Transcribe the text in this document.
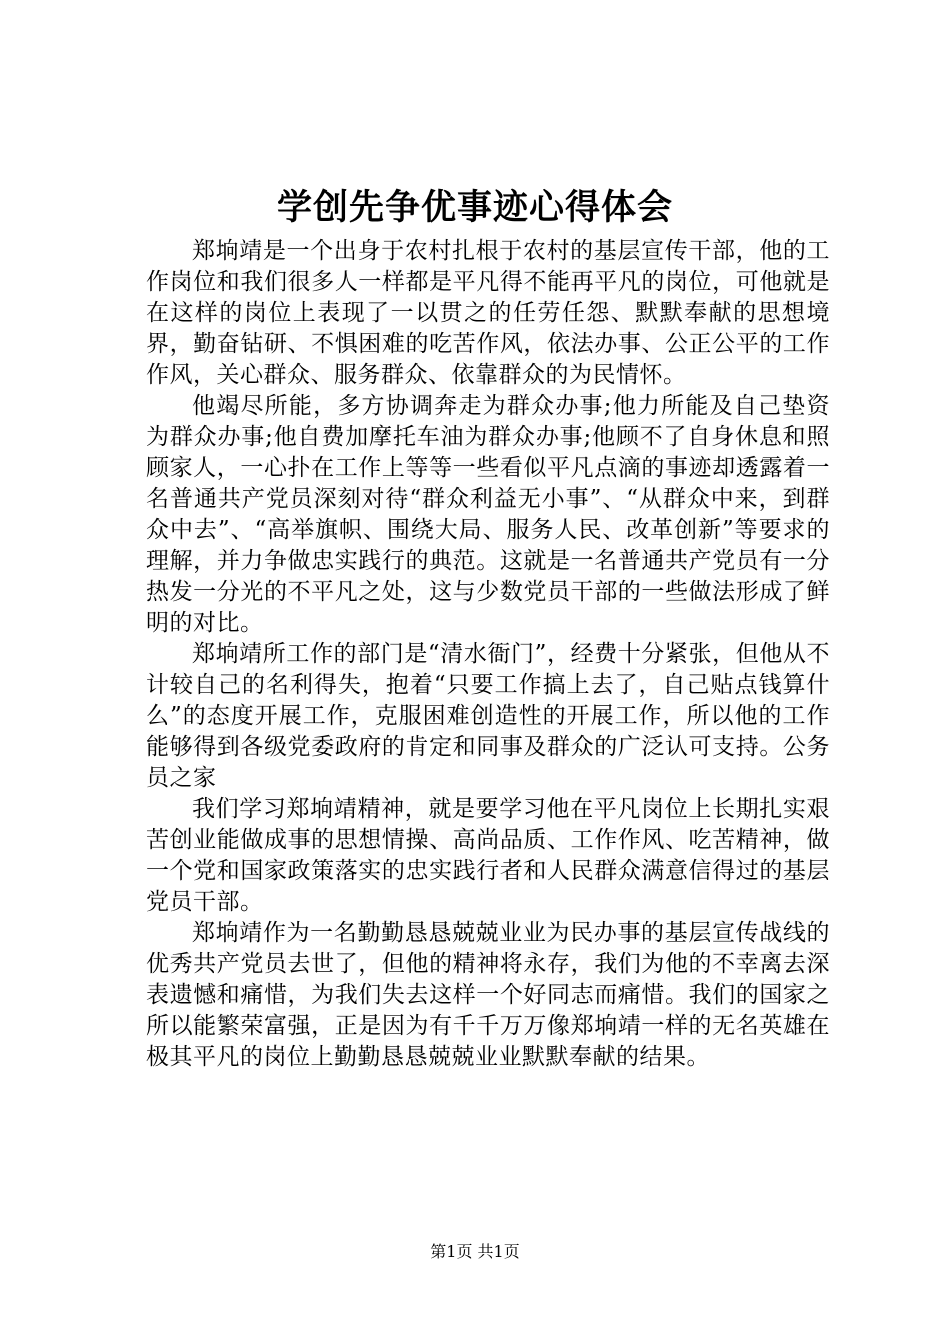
学创先争优事迹心得体会

郑垧靖是一个出身于农村扎根于农村的基层宣传干部，他的工作岗位和我们很多人一样都是平凡得不能再平凡的岗位，可他就是在这样的岗位上表现了一以贯之的任劳任怨、默默奉献的思想境界，勤奋钻研、不惧困难的吃苦作风，依法办事、公正公平的工作作风，关心群众、服务群众、依靠群众的为民情怀。

他竭尽所能，多方协调奔走为群众办事;他力所能及自己垫资为群众办事;他自费加摩托车油为群众办事;他顾不了自身休息和照顾家人，一心扑在工作上等等一些看似平凡点滴的事迹却透露着一名普通共产党员深刻对待“群众利益无小事”、“从群众中来，到群众中去”、“高举旗帜、围绕大局、服务人民、改革创新”等要求的理解，并力争做忠实践行的典范。这就是一名普通共产党员有一分热发一分光的不平凡之处，这与少数党员干部的一些做法形成了鲜明的对比。

郑垧靖所工作的部门是“清水衙门”，经费十分紧张，但他从不计较自己的名利得失，抱着“只要工作搞上去了，自己贴点钱算什么”的态度开展工作，克服困难创造性的开展工作，所以他的工作能够得到各级党委政府的肯定和同事及群众的广泛认可支持。公务员之家

我们学习郑垧靖精神，就是要学习他在平凡岗位上长期扎实艰苦创业能做成事的思想情操、高尚品质、工作作风、吃苦精神，做一个党和国家政策落实的忠实践行者和人民群众满意信得过的基层党员干部。

郑垧靖作为一名勤勤恳恳兢兢业业为民办事的基层宣传战线的优秀共产党员去世了，但他的精神将永存，我们为他的不幸离去深表遗憾和痛惜，为我们失去这样一个好同志而痛惜。我们的国家之所以能繁荣富强，正是因为有千千万万像郑垧靖一样的无名英雄在极其平凡的岗位上勤勤恳恳兢兢业业默默奉献的结果。

第1页 共1页
